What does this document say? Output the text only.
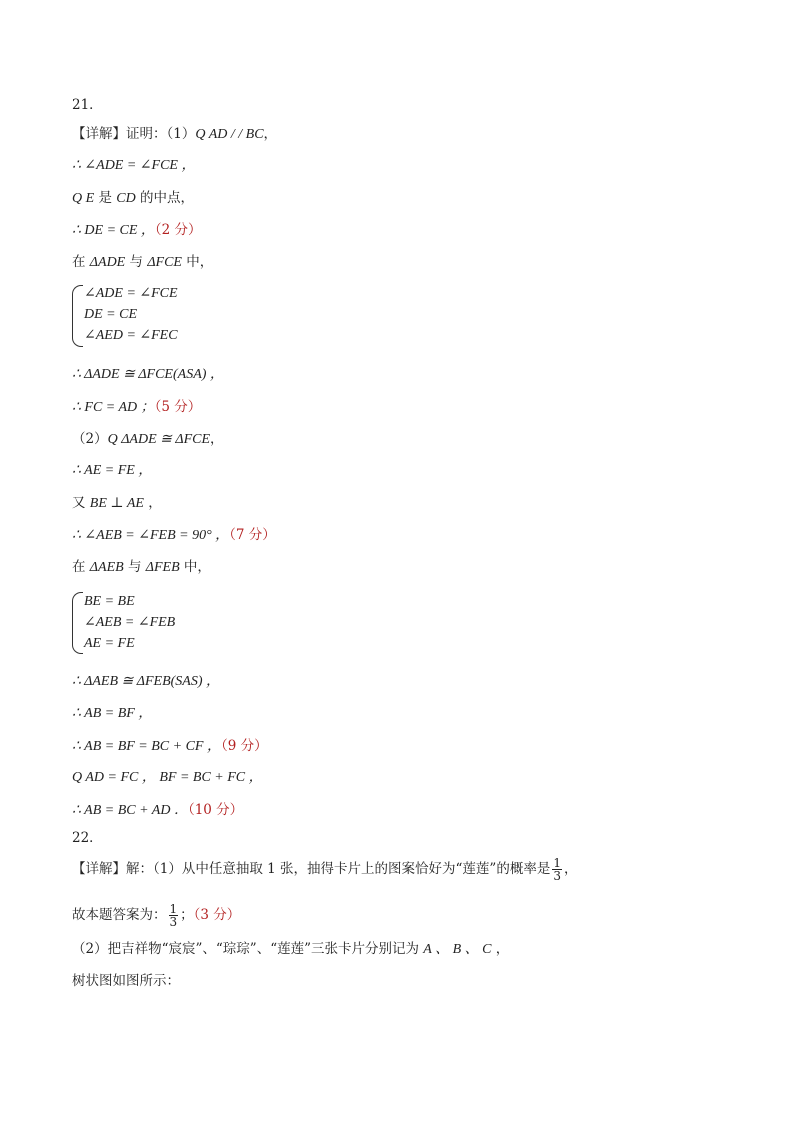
21．
【详解】证明：（1）Q AD / / BC，
∴ ∠ADE = ∠FCE ，
Q E 是 CD 的中点，
∴ DE = CE ，（2 分）
在 ΔADE 与 ΔFCE 中，
∠ADE = ∠FCE
DE = CE
∠AED = ∠FEC
∴ ΔADE ≅ ΔFCE(ASA) ，
∴ FC = AD ；（5 分）
（2）Q ΔADE ≅ ΔFCE，
∴ AE = FE ，
又 BE ⊥ AE ，
∴ ∠AEB = ∠FEB = 90° ，（7 分）
在 ΔAEB 与 ΔFEB 中，
BE = BE
∠AEB = ∠FEB
AE = FE
∴ ΔAEB ≅ ΔFEB(SAS) ，
∴ AB = BF ，
∴ AB = BF = BC + CF ，（9 分）
Q AD = FC ， BF = BC + FC ，
∴ AB = BC + AD ．（10 分）
22．
【详解】解：（1）从中任意抽取 1 张，抽得卡片上的图案恰好为“莲莲”的概率是 $\frac{1}{3}$ ，
故本题答案为： $\frac{1}{3}$ ；（3 分）
（2）把吉祥物“宸宸”、“琮琮”、“莲莲”三张卡片分别记为 A 、 B 、 C ，
树状图如图所示：
